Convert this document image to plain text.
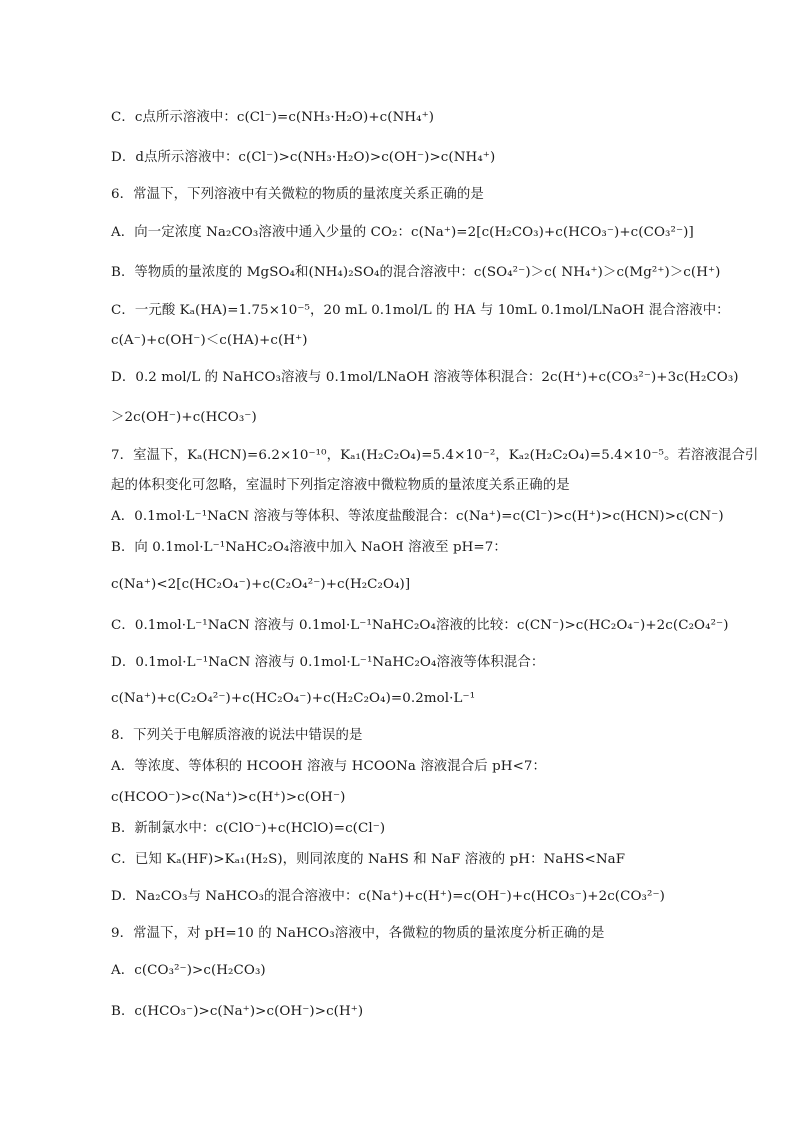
C．c点所示溶液中：c(Cl⁻)=c(NH₃·H₂O)+c(NH₄⁺)
D．d点所示溶液中：c(Cl⁻)>c(NH₃·H₂O)>c(OH⁻)>c(NH₄⁺)
6．常温下，下列溶液中有关微粒的物质的量浓度关系正确的是
A．向一定浓度 Na₂CO₃溶液中通入少量的 CO₂：c(Na⁺)=2[c(H₂CO₃)+c(HCO₃⁻)+c(CO₃²⁻)]
B．等物质的量浓度的 MgSO₄和(NH₄)₂SO₄的混合溶液中：c(SO₄²⁻)＞c( NH₄⁺)＞c(Mg²⁺)＞c(H⁺)
C．一元酸 Kₐ(HA)=1.75×10⁻⁵，20 mL 0.1mol/L 的 HA 与 10mL 0.1mol/LNaOH 混合溶液中：
c(A⁻)+c(OH⁻)＜c(HA)+c(H⁺)
D．0.2 mol/L 的 NaHCO₃溶液与 0.1mol/LNaOH 溶液等体积混合：2c(H⁺)+c(CO₃²⁻)+3c(H₂CO₃)
＞2c(OH⁻)+c(HCO₃⁻)
7．室温下，Kₐ(HCN)=6.2×10⁻¹⁰，Kₐ₁(H₂C₂O₄)=5.4×10⁻²，Kₐ₂(H₂C₂O₄)=5.4×10⁻⁵。若溶液混合引
起的体积变化可忽略，室温时下列指定溶液中微粒物质的量浓度关系正确的是
A．0.1mol·L⁻¹NaCN 溶液与等体积、等浓度盐酸混合：c(Na⁺)=c(Cl⁻)>c(H⁺)>c(HCN)>c(CN⁻)
B．向 0.1mol·L⁻¹NaHC₂O₄溶液中加入 NaOH 溶液至 pH=7：
c(Na⁺)<2[c(HC₂O₄⁻)+c(C₂O₄²⁻)+c(H₂C₂O₄)]
C．0.1mol·L⁻¹NaCN 溶液与 0.1mol·L⁻¹NaHC₂O₄溶液的比较：c(CN⁻)>c(HC₂O₄⁻)+2c(C₂O₄²⁻)
D．0.1mol·L⁻¹NaCN 溶液与 0.1mol·L⁻¹NaHC₂O₄溶液等体积混合：
c(Na⁺)+c(C₂O₄²⁻)+c(HC₂O₄⁻)+c(H₂C₂O₄)=0.2mol·L⁻¹
8．下列关于电解质溶液的说法中错误的是
A．等浓度、等体积的 HCOOH 溶液与 HCOONa 溶液混合后 pH<7：
c(HCOO⁻)>c(Na⁺)>c(H⁺)>c(OH⁻)
B．新制氯水中：c(ClO⁻)+c(HClO)=c(Cl⁻)
C．已知 Kₐ(HF)>Kₐ₁(H₂S)，则同浓度的 NaHS 和 NaF 溶液的 pH：NaHS<NaF
D．Na₂CO₃与 NaHCO₃的混合溶液中：c(Na⁺)+c(H⁺)=c(OH⁻)+c(HCO₃⁻)+2c(CO₃²⁻)
9．常温下，对 pH=10 的 NaHCO₃溶液中，各微粒的物质的量浓度分析正确的是
A．c(CO₃²⁻)>c(H₂CO₃)
B．c(HCO₃⁻)>c(Na⁺)>c(OH⁻)>c(H⁺)
